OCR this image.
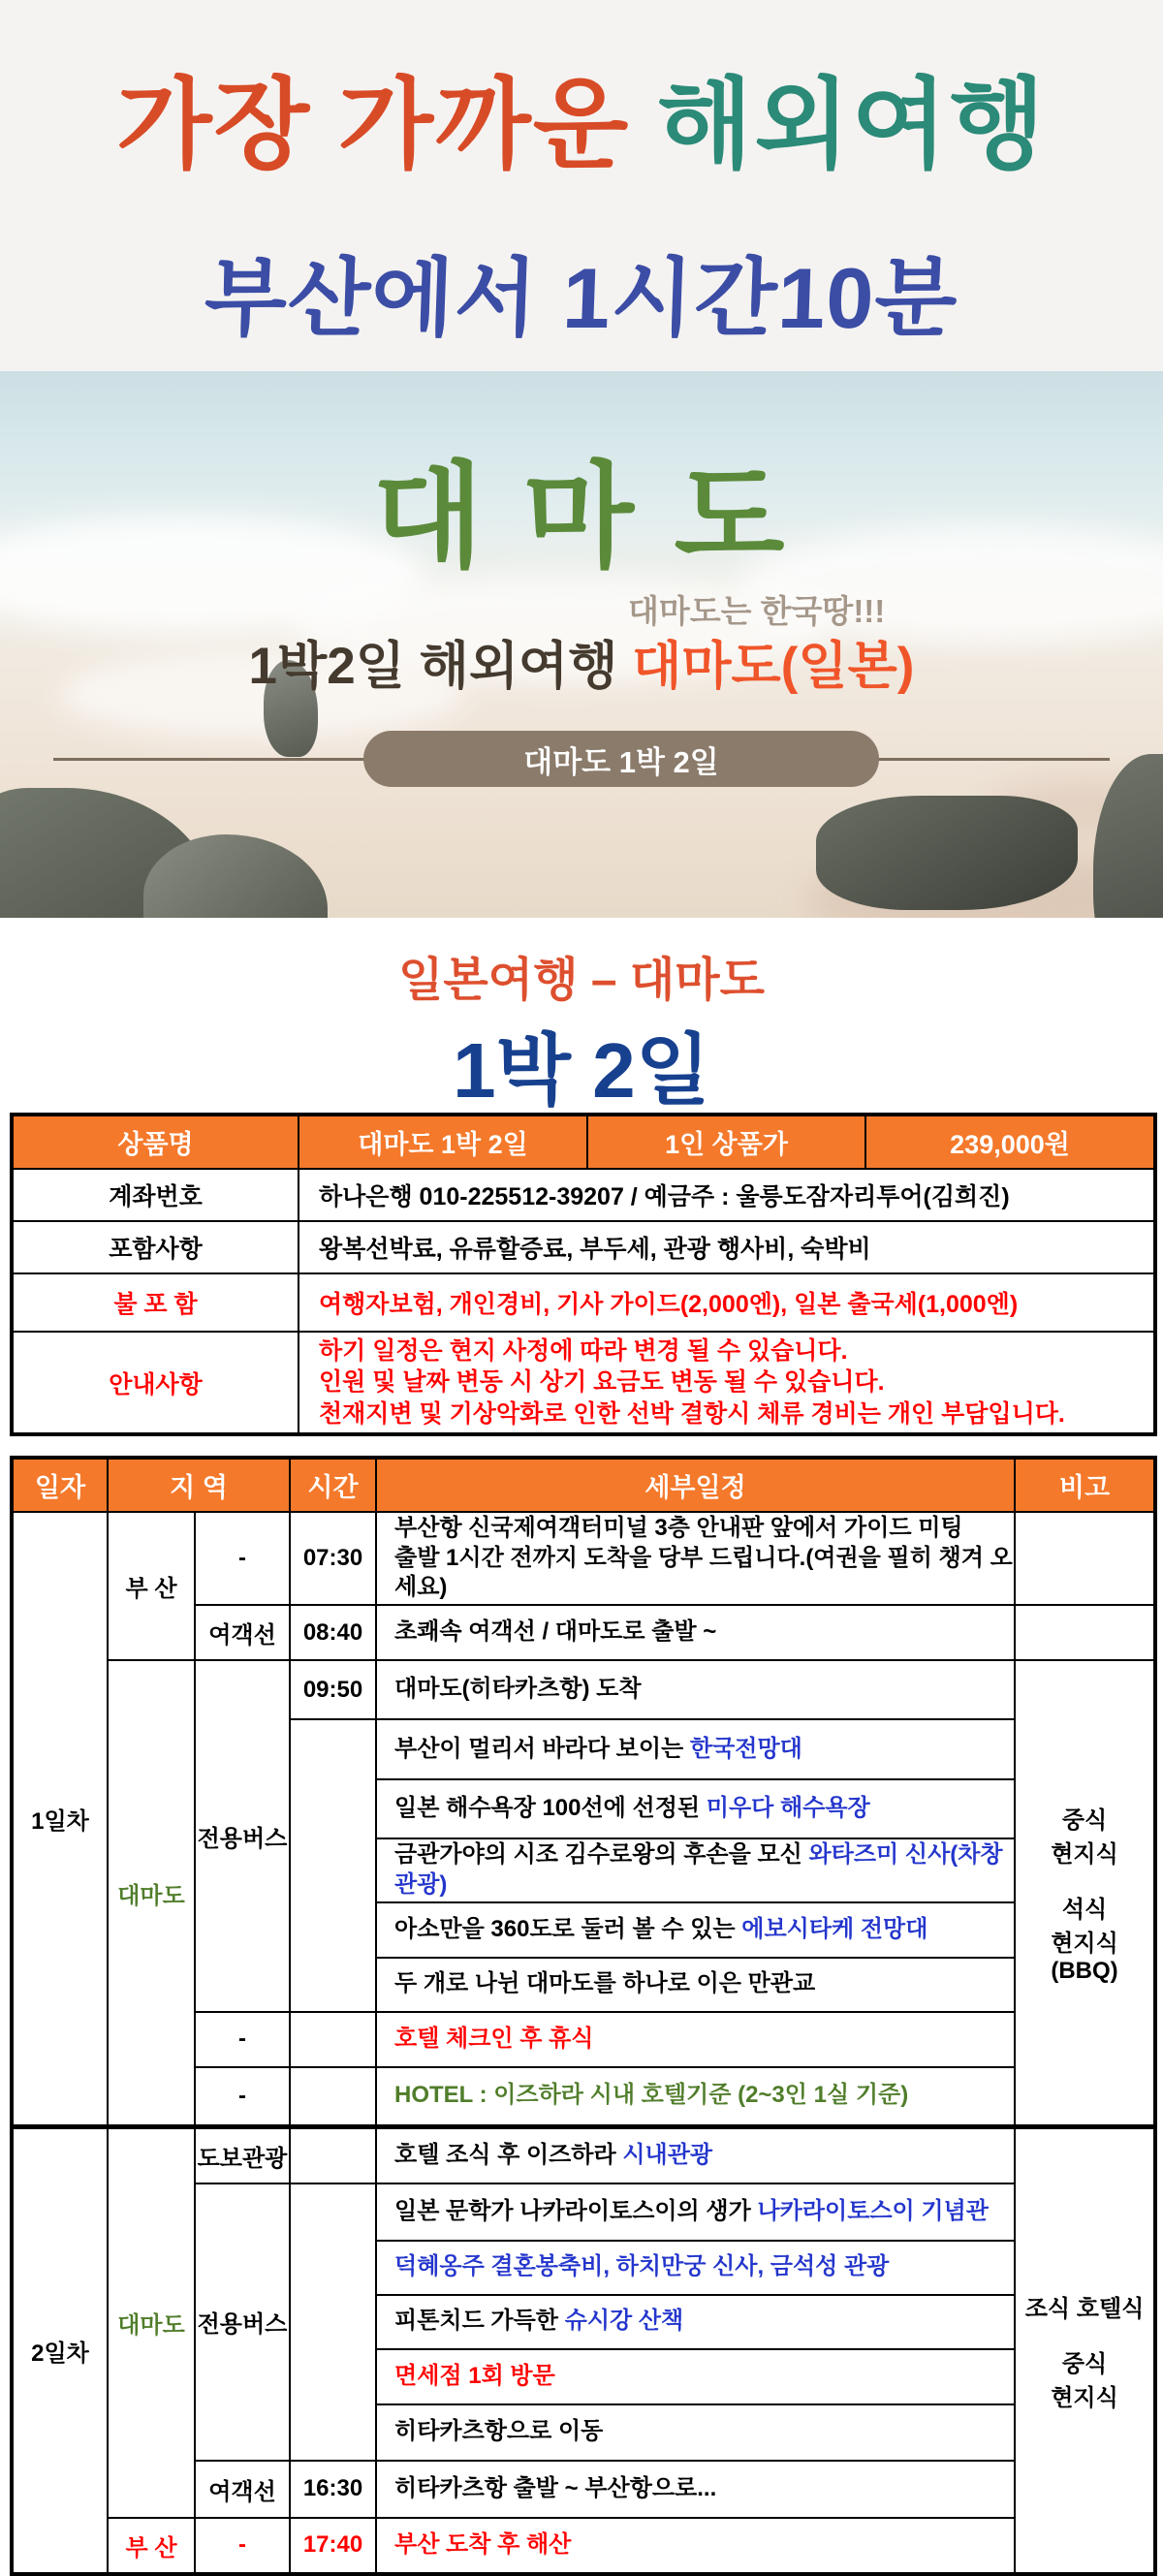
가장 가까운 해외여행
부산에서 1시간10분
대 마 도
대마도는 한국땅!!!
1박2일 해외여행 대마도(일본)
대마도 1박 2일
일본여행 – 대마도
1박 2일
상품명	대마도 1박 2일	1인 상품가	239,000원
계좌번호	하나은행 010-225512-39207 / 예금주 : 울릉도잠자리투어(김희진)		
포함사항	왕복선박료, 유류할증료, 부두세, 관광 행사비, 숙박비		
불 포 함	여행자보험, 개인경비, 기사 가이드(2,000엔), 일본 출국세(1,000엔)		
안내사항	하기 일정은 현지 사정에 따라 변경 될 수 있습니다.
인원 및 날짜 변동 시 상기 요금도 변동 될 수 있습니다.
천재지변 및 기상악화로 인한 선박 결항시 체류 경비는 개인 부담입니다.		
일자	지 역		시간	세부일정	비고
1일차	부 산	-	07:30	부산항 신국제여객터미널 3층 안내판 앞에서 가이드 미팅
출발 1시간 전까지 도착을 당부 드립니다.(여권을 필히 챙겨 오세요)	

		여객선	08:40	초쾌속 여객선 / 대마도로 출발 ~	
	대마도	전용버스	09:50	대마도(히타카츠항) 도착	중식
현지식
석식
현지식
(BBQ)

				부산이 멀리서 바라다 보이는 한국전망대	
				일본 해수욕장 100선에 선정된 미우다 해수욕장	
				금관가야의 시조 김수로왕의 후손을 모신 와타즈미 신사(차창관광)	
				아소만을 360도로 둘러 볼 수 있는 에보시타케 전망대	
				두 개로 나뉜 대마도를 하나로 이은 만관교	
		-		호텔 체크인 후 휴식	
		-		HOTEL : 이즈하라 시내 호텔기준 (2~3인 1실 기준)	
2일차	대마도	도보관광		호텔 조식 후 이즈하라 시내관광	조식 호텔식
중식
현지식

		전용버스		일본 문학가 나카라이토스이의 생가 나카라이토스이 기념관	
				덕혜옹주 결혼봉축비, 하치만궁 신사, 금석성 관광	
				피톤치드 가득한 슈시강 산책	
				면세점 1회 방문	
				히타카츠항으로 이동	
		여객선	16:30	히타카츠항 출발 ~ 부산항으로...	
	부 산	-	17:40	부산 도착 후 해산	
